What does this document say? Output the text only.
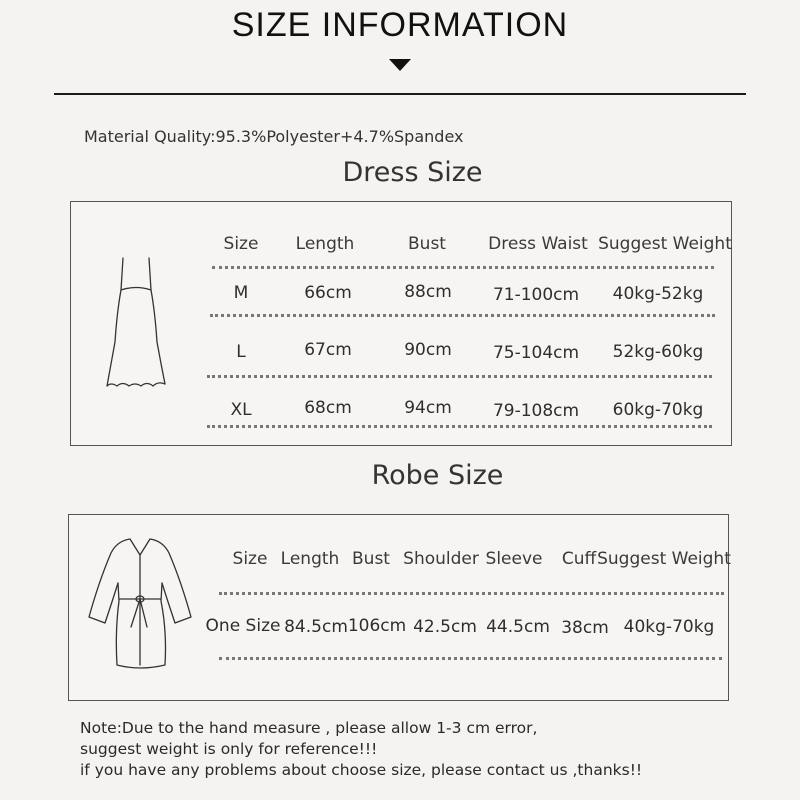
SIZE INFORMATION
Material Quality:95.3%Polyester+4.7%Spandex
Dress Size
Size Length	Bust Dress Waist Suggest Weight
M	66cm	88cm 71-100cm 40kg-52kg
L	67cm	90cm 75-104cm 52kg-60kg
XL	68cm	94cm 79-108cm 60kg-70kg
Robe Size
Size Length Bust Shoulder Sleeve Cuff Suggest Weight
One Size 84.5cm 106cm 42.5cm 44.5cm 38cm 40kg-70kg
Note:Due to the hand measure , please allow 1-3 cm error,
suggest weight is only for reference!!!
if you have any problems about choose size, please contact us ,thanks!!
